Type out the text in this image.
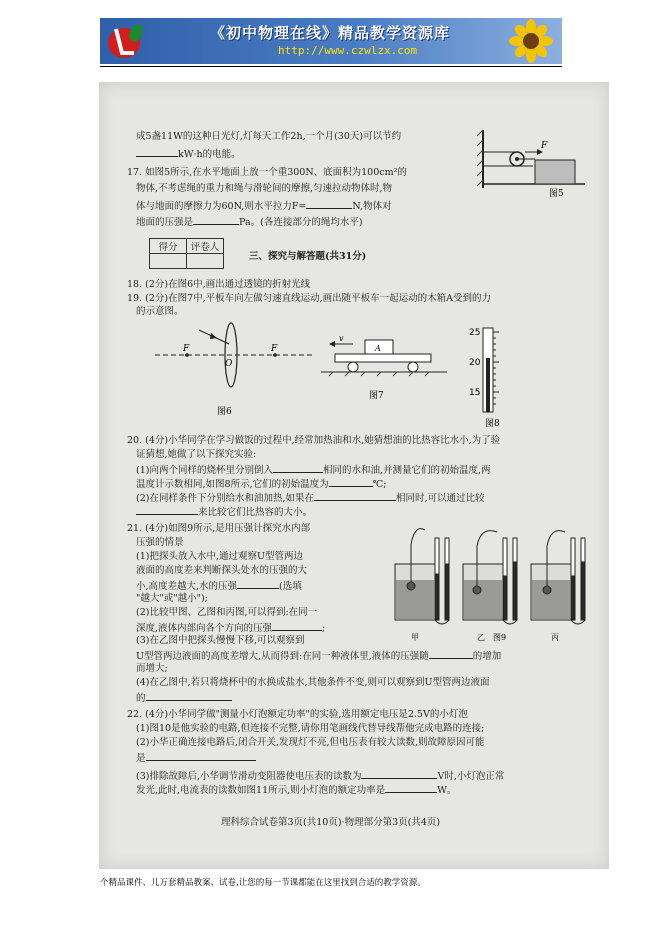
《初中物理在线》精品教学资源库
http://www.czwlzx.com
成5盏11W的这种日光灯,灯每天工作2h,一个月(30天)可以节约
kW·h的电能。
图5
F
17. 如图5所示,在水平地面上放一个重300N、底面积为100cm²的
物体,不考虑绳的重力和绳与滑轮间的摩擦,匀速拉动物体时,物
体与地面的摩擦力为60N,则水平拉力F=	N,物体对
地面的压强是	Pa。(各连接部分的绳均水平)
得分	评卷人

三、探究与解答题(共31分)
18. (2分)在图6中,画出通过透镜的折射光线
19. (2分)在图7中,平板车向左做匀速直线运动,画出随平板车一起运动的木箱A受到的力
的示意图。
F	F
O
图6
v
A
图7
25
20
15
图8
20. (4分)小华同学在学习做饭的过程中,经常加热油和水,她猜想油的比热容比水小,为了验
证猜想,她做了以下探究实验:
(1)向两个同样的烧杯里分别倒入	相同的水和油,并测量它们的初始温度,两
温度计示数相同,如图8所示,它们的初始温度为	℃;
(2)在同样条件下分别给水和油加热,如果在	相同时,可以通过比较
来比较它们比热容的大小。
21. (4分)如图9所示,是用压强计探究水内部
压强的情景
(1)把探头放入水中,通过观察U型管两边
液面的高度差来判断探头处水的压强的大
小,高度差越大,水的压强	(选填
"越大"或"越小");
(2)比较甲图、乙图和丙图,可以得到:在同一
深度,液体内部向各个方向的压强	;
(3)在乙图中把探头慢慢下移,可以观察到
U型管两边液面的高度差增大,从而得到:在同一种液体里,液体的压强随	的增加
而增大;
(4)在乙图中,若只将烧杯中的水换成盐水,其他条件不变,则可以观察到U型管两边液面
的
甲	乙 图9	丙
22. (4分)小华同学做"测量小灯泡额定功率"的实验,选用额定电压是2.5V的小灯泡
(1)图10是他实验的电路,但连接不完整,请你用笔画线代替导线帮他完成电路的连接;
(2)小华正确连接电路后,闭合开关,发现灯不亮,但电压表有较大读数,则故障原因可能
是
(3)排除故障后,小华调节滑动变阻器使电压表的读数为	V时,小灯泡正常
发光,此时,电流表的读数如图11所示,则小灯泡的额定功率是	W。
理科综合试卷第3页(共10页)·物理部分第3页(共4页)
个精品课件、儿万套精品教案、试卷,让您的每一节课都能在这里找到合适的教学资源。
